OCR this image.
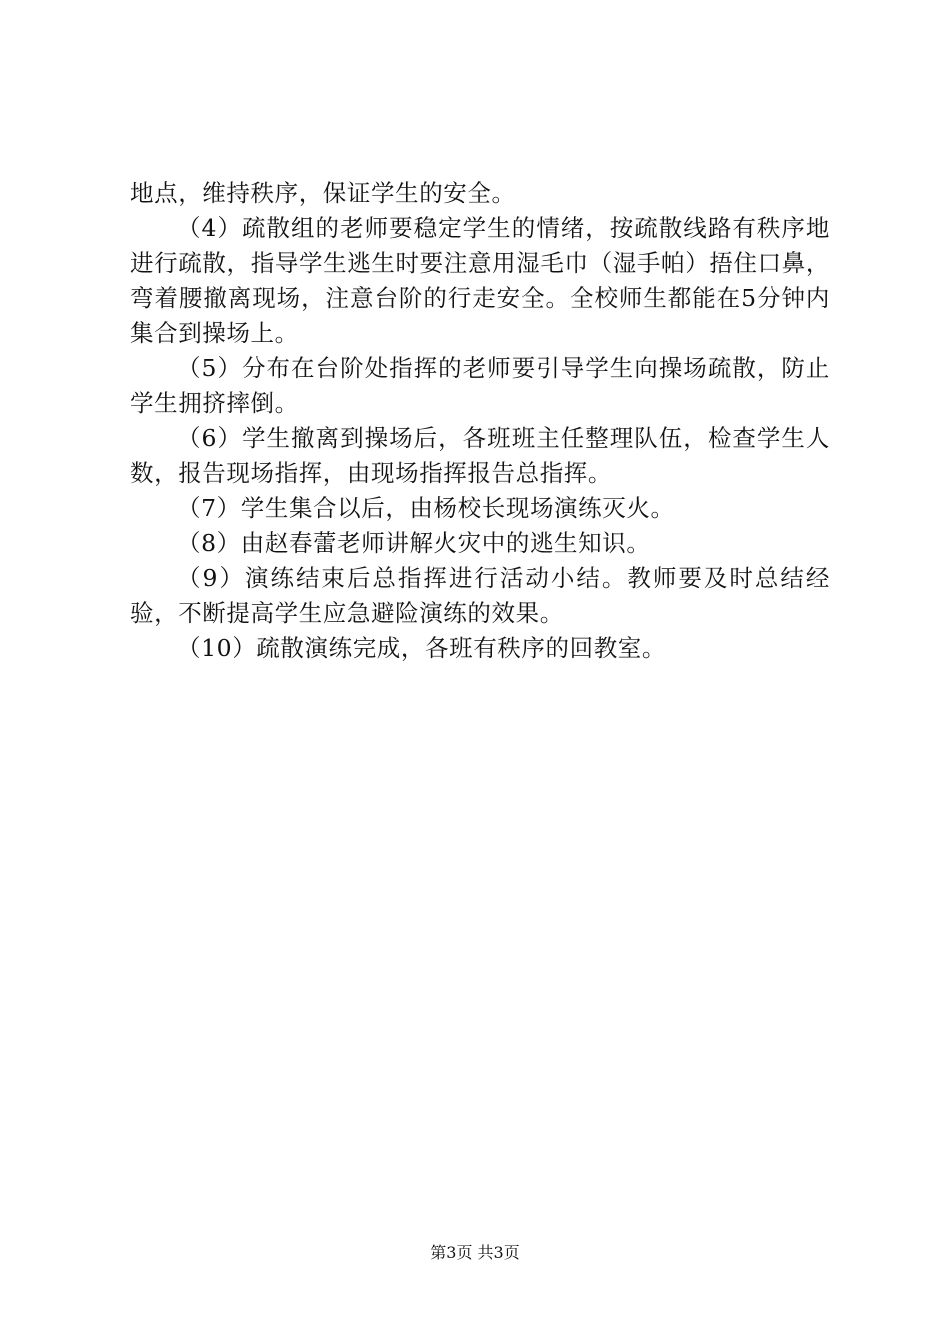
地点，维持秩序，保证学生的安全。

（4）疏散组的老师要稳定学生的情绪，按疏散线路有秩序地进行疏散，指导学生逃生时要注意用湿毛巾（湿手帕）捂住口鼻，弯着腰撤离现场，注意台阶的行走安全。全校师生都能在5分钟内集合到操场上。

（5）分布在台阶处指挥的老师要引导学生向操场疏散，防止学生拥挤摔倒。

（6）学生撤离到操场后，各班班主任整理队伍，检查学生人数，报告现场指挥，由现场指挥报告总指挥。

（7）学生集合以后，由杨校长现场演练灭火。

（8）由赵春蕾老师讲解火灾中的逃生知识。

（9）演练结束后总指挥进行活动小结。教师要及时总结经验，不断提高学生应急避险演练的效果。

（10）疏散演练完成，各班有秩序的回教室。

第3页 共3页
